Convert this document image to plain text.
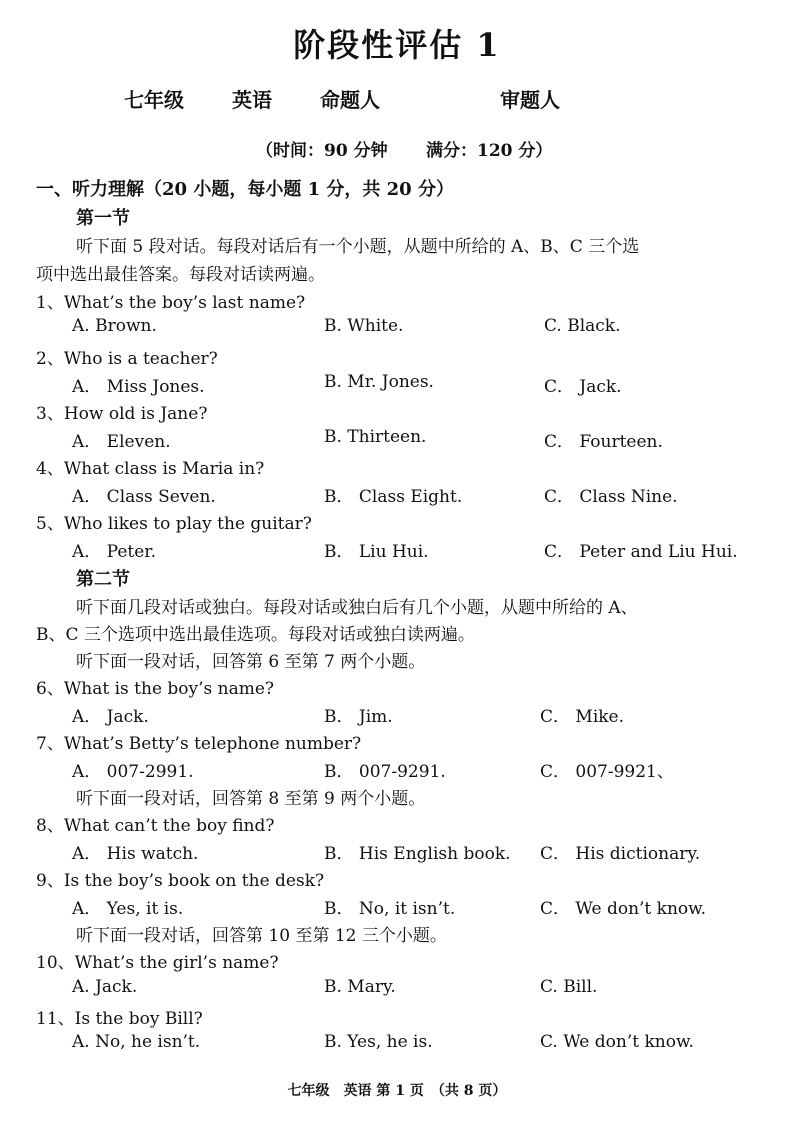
阶段性评估 1
七年级 英语 命题人	审题人
（时间：90 分钟 满分：120 分）
一、听力理解（20 小题，每小题 1 分，共 20 分）
第一节
听下面 5 段对话。每段对话后有一个小题，从题中所给的 A、B、C 三个选
项中选出最佳答案。每段对话读两遍。
1、What’s the boy’s last name?
A. Brown.	B. White.	C. Black.
2、Who is a teacher?
A． Miss Jones.	B. Mr. Jones.	C． Jack.
3、How old is Jane?
A． Eleven.	B. Thirteen.	C． Fourteen.
4、What class is Maria in?
A． Class Seven.	B． Class Eight.	C． Class Nine.
5、Who likes to play the guitar?
A． Peter.	B． Liu Hui.	C． Peter and Liu Hui.
第二节
听下面几段对话或独白。每段对话或独白后有几个小题，从题中所给的 A、
B、C 三个选项中选出最佳选项。每段对话或独白读两遍。
听下面一段对话，回答第 6 至第 7 两个小题。
6、What is the boy’s name?
A． Jack.	B． Jim.	C． Mike.
7、What’s Betty’s telephone number?
A． 007-2991.	B． 007-9291.	C． 007-9921、
听下面一段对话，回答第 8 至第 9 两个小题。
8、What can’t the boy find?
A． His watch.	B． His English book. C． His dictionary.
9、Is the boy’s book on the desk?
A． Yes, it is.	B． No, it isn’t.	C． We don’t know.
听下面一段对话，回答第 10 至第 12 三个小题。
10、What’s the girl’s name?
A. Jack.	B. Mary.	C. Bill.
11、Is the boy Bill?
A. No, he isn’t.	B. Yes, he is.	C. We don’t know.
七年级　英语 第 1 页　（共 8 页）
